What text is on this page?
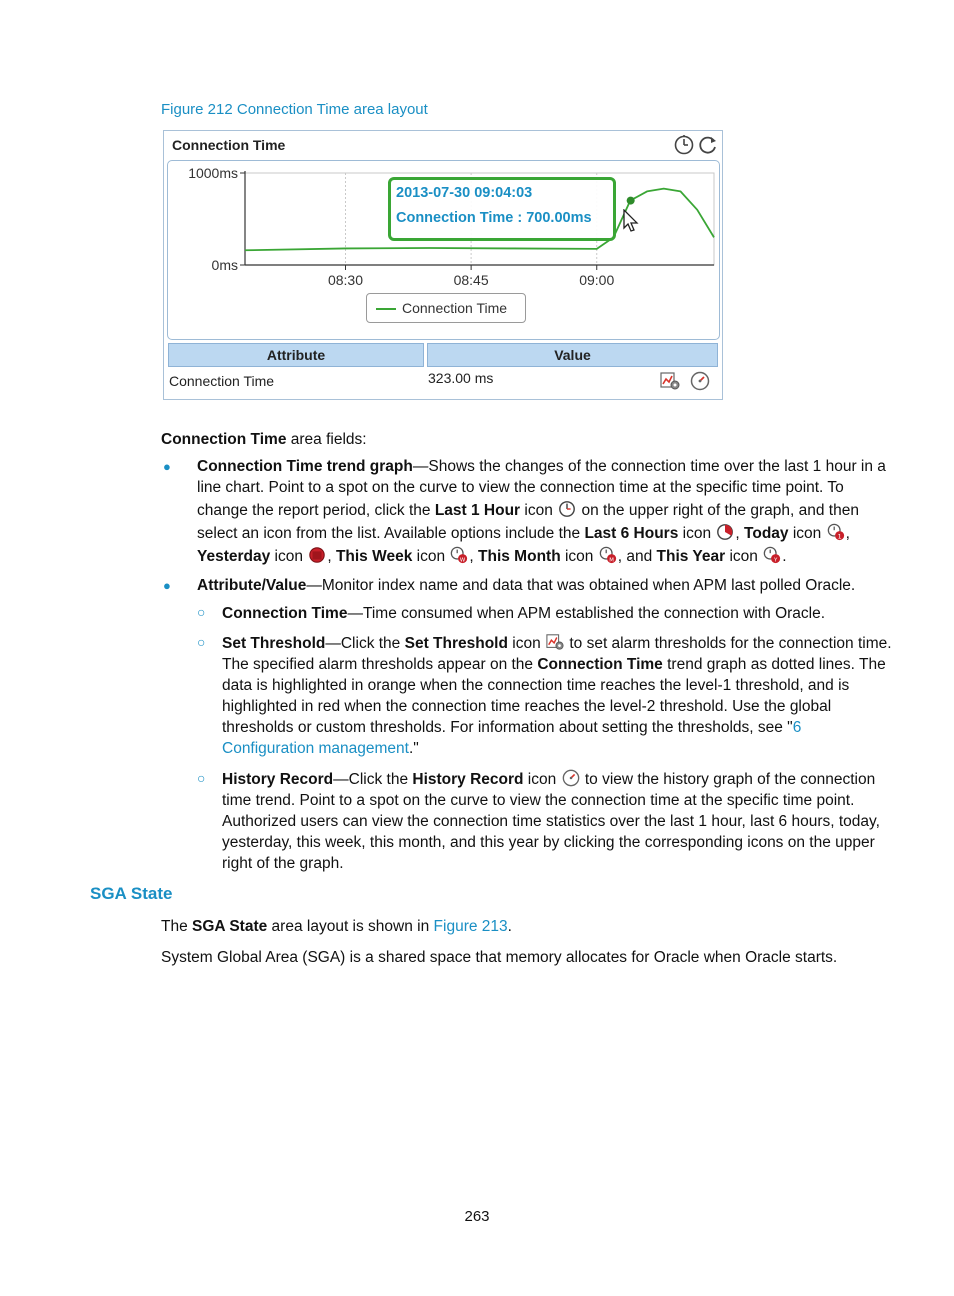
Figure 212 Connection Time area layout
Connection Time
1000ms
0ms
08:30	08:45	09:00
2013-07-30 09:04:03
Connection Time : 700.00ms
Connection Time
Attribute	Value
Connection Time	323.00 ms
Connection Time area fields:
● Connection Time trend graph—Shows the changes of the connection time over the last 1 hour in a
line chart. Point to a spot on the curve to view the connection time at the specific time point. To
change the report period, click the Last 1 Hour icon  on the upper right of the graph, and then
select an icon from the list. Available options include the Last 6 Hours icon , Today icon 1 ,
Yesterday icon , This Week icon W , This Month icon M , and This Year icon Y .
● Attribute/Value—Monitor index name and data that was obtained when APM last polled Oracle.
○ Connection Time—Time consumed when APM established the connection with Oracle.
○ Set Threshold—Click the Set Threshold icon  to set alarm thresholds for the connection time.
The specified alarm thresholds appear on the Connection Time trend graph as dotted lines. The
data is highlighted in orange when the connection time reaches the level-1 threshold, and is
highlighted in red when the connection time reaches the level-2 threshold. Use the global
thresholds or custom thresholds. For information about setting the thresholds, see "6
Configuration management."
○ History Record—Click the History Record icon  to view the history graph of the connection
time trend. Point to a spot on the curve to view the connection time at the specific time point.
Authorized users can view the connection time statistics over the last 1 hour, last 6 hours, today,
yesterday, this week, this month, and this year by clicking the corresponding icons on the upper
right of the graph.
SGA State
The SGA State area layout is shown in Figure 213.
System Global Area (SGA) is a shared space that memory allocates for Oracle when Oracle starts.
263
